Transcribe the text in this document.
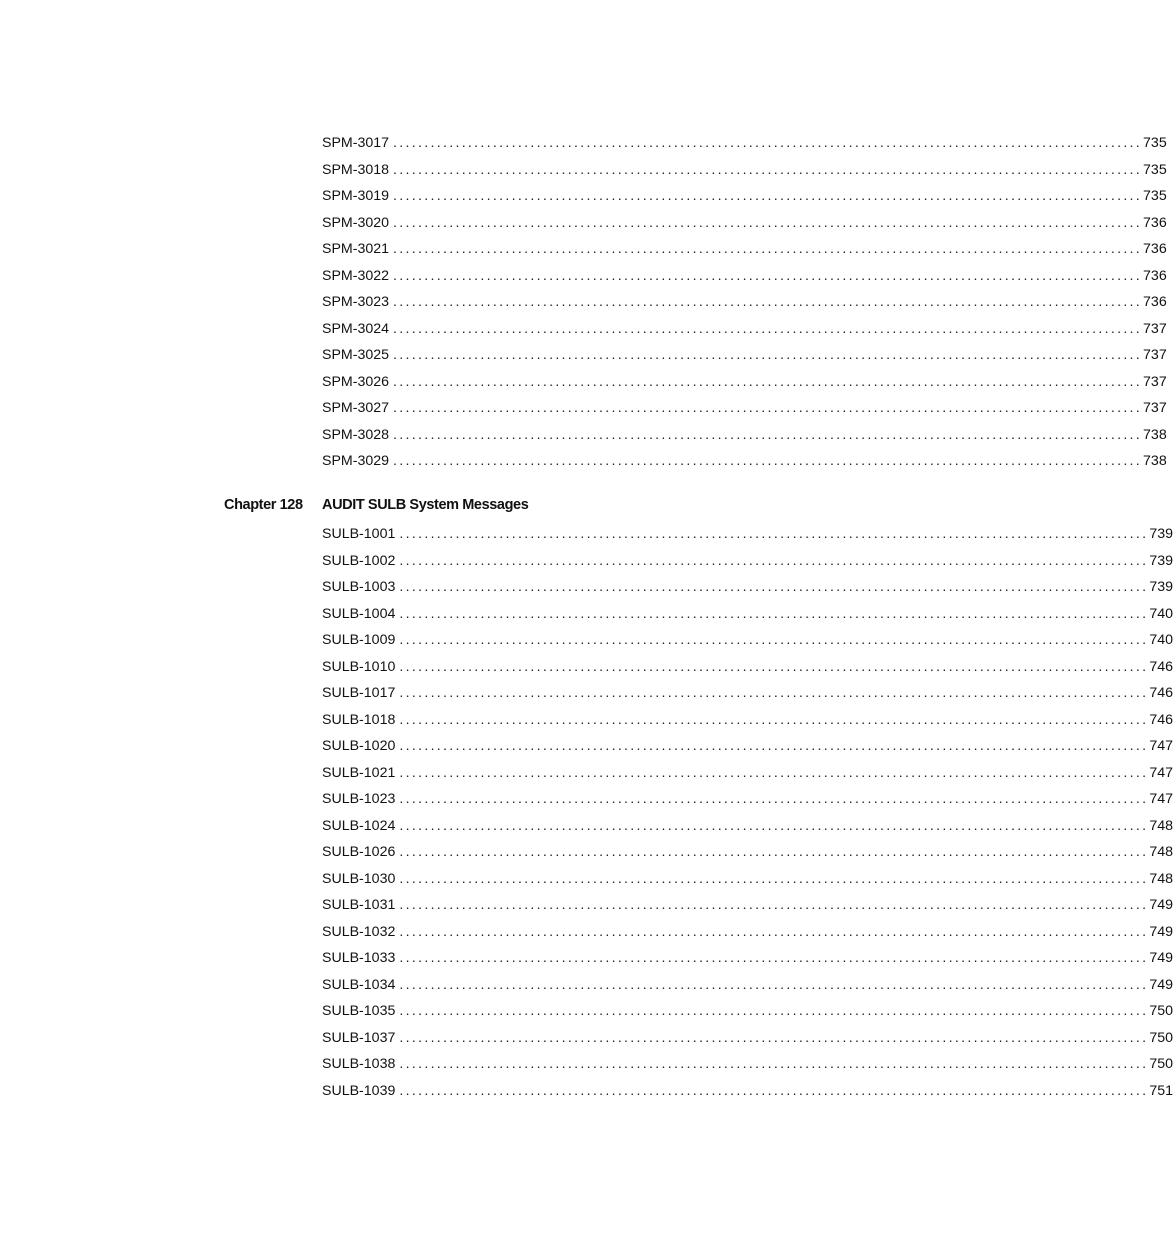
SPM-3017 ........................................................................................................................ 735
SPM-3018 ........................................................................................................................ 735
SPM-3019 ........................................................................................................................ 735
SPM-3020 ........................................................................................................................ 736
SPM-3021 ........................................................................................................................ 736
SPM-3022 ........................................................................................................................ 736
SPM-3023 ........................................................................................................................ 736
SPM-3024 ........................................................................................................................ 737
SPM-3025 ........................................................................................................................ 737
SPM-3026 ........................................................................................................................ 737
SPM-3027 ........................................................................................................................ 737
SPM-3028 ........................................................................................................................ 738
SPM-3029 ........................................................................................................................ 738
Chapter 128 AUDIT SULB System Messages
SULB-1001 ........................................................................................................................ 739
SULB-1002 ........................................................................................................................ 739
SULB-1003 ........................................................................................................................ 739
SULB-1004 ........................................................................................................................ 740
SULB-1009 ........................................................................................................................ 740
SULB-1010 ........................................................................................................................ 746
SULB-1017 ........................................................................................................................ 746
SULB-1018 ........................................................................................................................ 746
SULB-1020 ........................................................................................................................ 747
SULB-1021 ........................................................................................................................ 747
SULB-1023 ........................................................................................................................ 747
SULB-1024 ........................................................................................................................ 748
SULB-1026 ........................................................................................................................ 748
SULB-1030 ........................................................................................................................ 748
SULB-1031 ........................................................................................................................ 749
SULB-1032 ........................................................................................................................ 749
SULB-1033 ........................................................................................................................ 749
SULB-1034 ........................................................................................................................ 749
SULB-1035 ........................................................................................................................ 750
SULB-1037 ........................................................................................................................ 750
SULB-1038 ........................................................................................................................ 750
SULB-1039 ........................................................................................................................ 751
